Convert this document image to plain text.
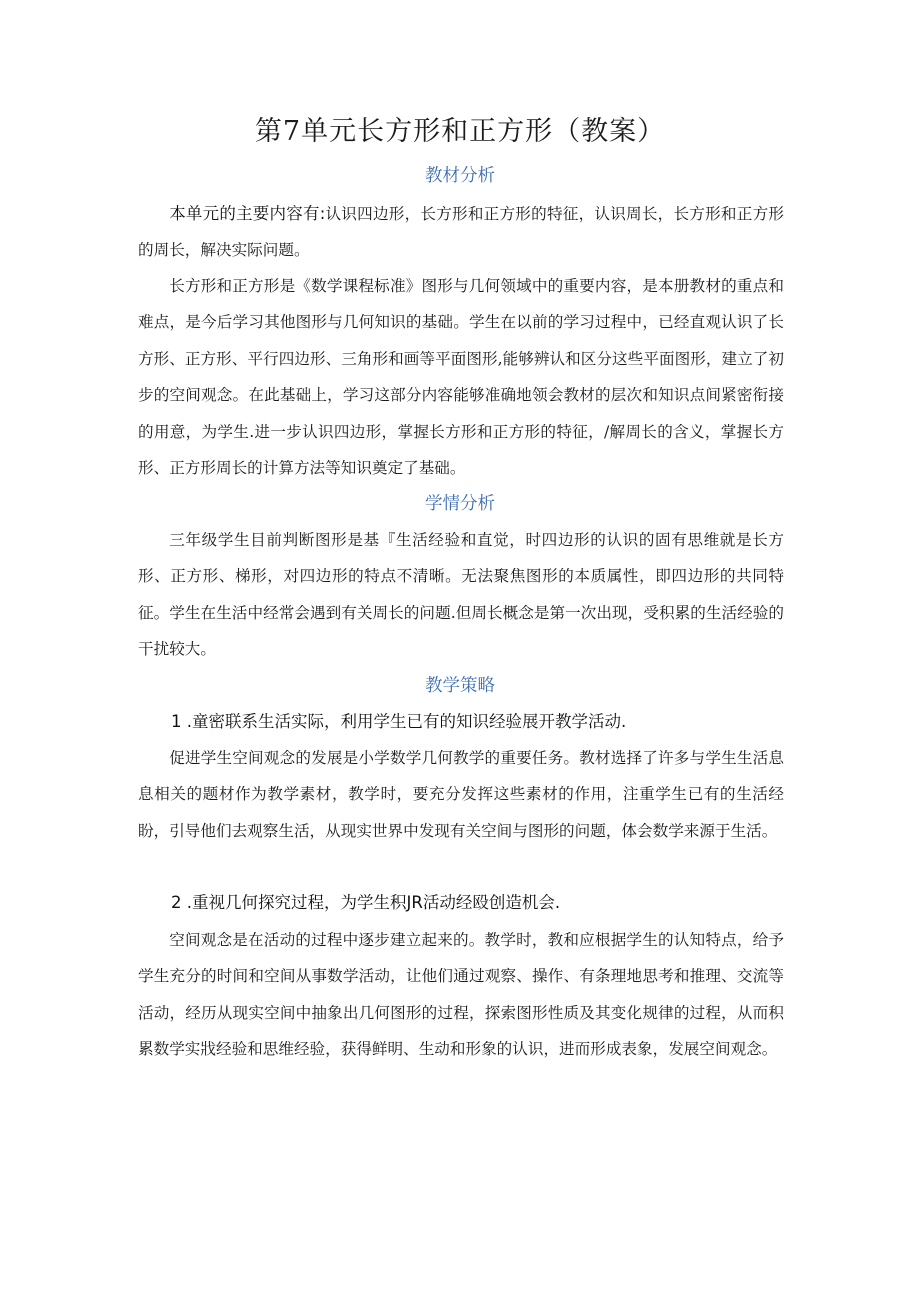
第7单元长方形和正方形（教案）
教材分析

本单元的主要内容有:认识四边形，长方形和正方形的特征，认识周长，长方形和正方形的周长，解决实际问题。

长方形和正方形是《数学课程标准》图形与几何领域中的重要内容，是本册教材的重点和难点，是今后学习其他图形与几何知识的基础。学生在以前的学习过程中，已经直观认识了长方形、正方形、平行四边形、三角形和画等平面图形,能够辨认和区分这些平面图形，建立了初步的空间观念。在此基础上，学习这部分内容能够准确地领会教材的层次和知识点间紧密衔接的用意，为学生.进一步认识四边形，掌握长方形和正方形的特征，/解周长的含义，掌握长方形、正方形周长的计算方法等知识奠定了基础。

学情分析

三年级学生目前判断图形是基『生活经验和直觉，时四边形的认识的固有思维就是长方形、正方形、梯形，对四边形的特点不清晰。无法聚焦图形的本质属性，即四边形的共同特征。学生在生活中经常会遇到有关周长的问题.但周长概念是第一次出现，受积累的生活经验的干扰较大。

教学策略

1 .童密联系生活实际，利用学生已有的知识经验展开教学活动.

促进学生空间观念的发展是小学数学几何教学的重要任务。教材选择了许多与学生生活息息相关的题材作为教学素材，教学时，要充分发挥这些素材的作用，注重学生已有的生活经盼，引导他们去观察生活，从现实世界中发现有关空间与图形的问题，体会数学来源于生活。

2 .重视几何探究过程，为学生积JR活动经殴创造机会.

空间观念是在活动的过程中逐步建立起来的。教学时，教和应根据学生的认知特点，给予学生充分的时间和空间从事数学活动，让他们通过观察、操作、有条理地思考和推理、交流等活动，经历从现实空间中抽象出几何图形的过程，探索图形性质及其变化规律的过程，从而积累数学实戕经验和思维经验，获得鲜明、生动和形象的认识，进而形成表象，发展空间观念。
